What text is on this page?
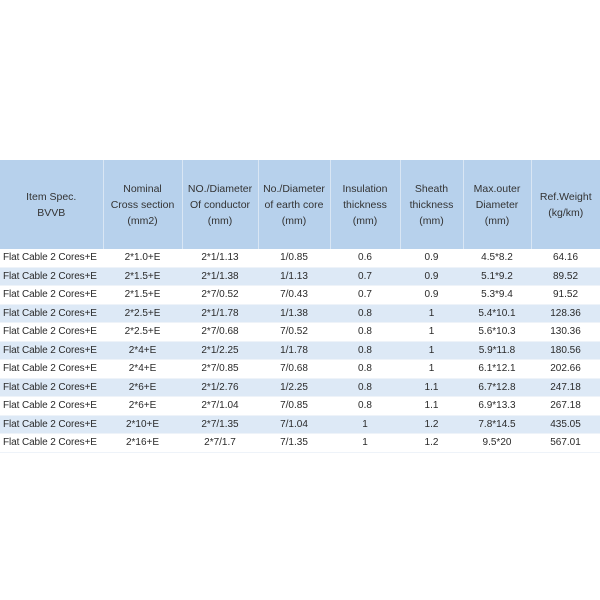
Item Spec.
BVVB	Nominal
Cross section
(mm2)	NO./Diameter
Of conductor
(mm)	No./Diameter
of earth core
(mm)	Insulation
thickness
(mm)	Sheath
thickness
(mm)	Max.outer
Diameter
(mm)	Ref.Weight
(kg/km)

Flat Cable 2 Cores+E	2*1.0+E	2*1/1.13	1/0.85	0.6	0.9	4.5*8.2	64.16
Flat Cable 2 Cores+E	2*1.5+E	2*1/1.38	1/1.13	0.7	0.9	5.1*9.2	89.52
Flat Cable 2 Cores+E	2*1.5+E	2*7/0.52	7/0.43	0.7	0.9	5.3*9.4	91.52
Flat Cable 2 Cores+E	2*2.5+E	2*1/1.78	1/1.38	0.8	1	5.4*10.1	128.36
Flat Cable 2 Cores+E	2*2.5+E	2*7/0.68	7/0.52	0.8	1	5.6*10.3	130.36
Flat Cable 2 Cores+E	2*4+E	2*1/2.25	1/1.78	0.8	1	5.9*11.8	180.56
Flat Cable 2 Cores+E	2*4+E	2*7/0.85	7/0.68	0.8	1	6.1*12.1	202.66
Flat Cable 2 Cores+E	2*6+E	2*1/2.76	1/2.25	0.8	1.1	6.7*12.8	247.18
Flat Cable 2 Cores+E	2*6+E	2*7/1.04	7/0.85	0.8	1.1	6.9*13.3	267.18
Flat Cable 2 Cores+E	2*10+E	2*7/1.35	7/1.04	1	1.2	7.8*14.5	435.05
Flat Cable 2 Cores+E	2*16+E	2*7/1.7	7/1.35	1	1.2	9.5*20	567.01
